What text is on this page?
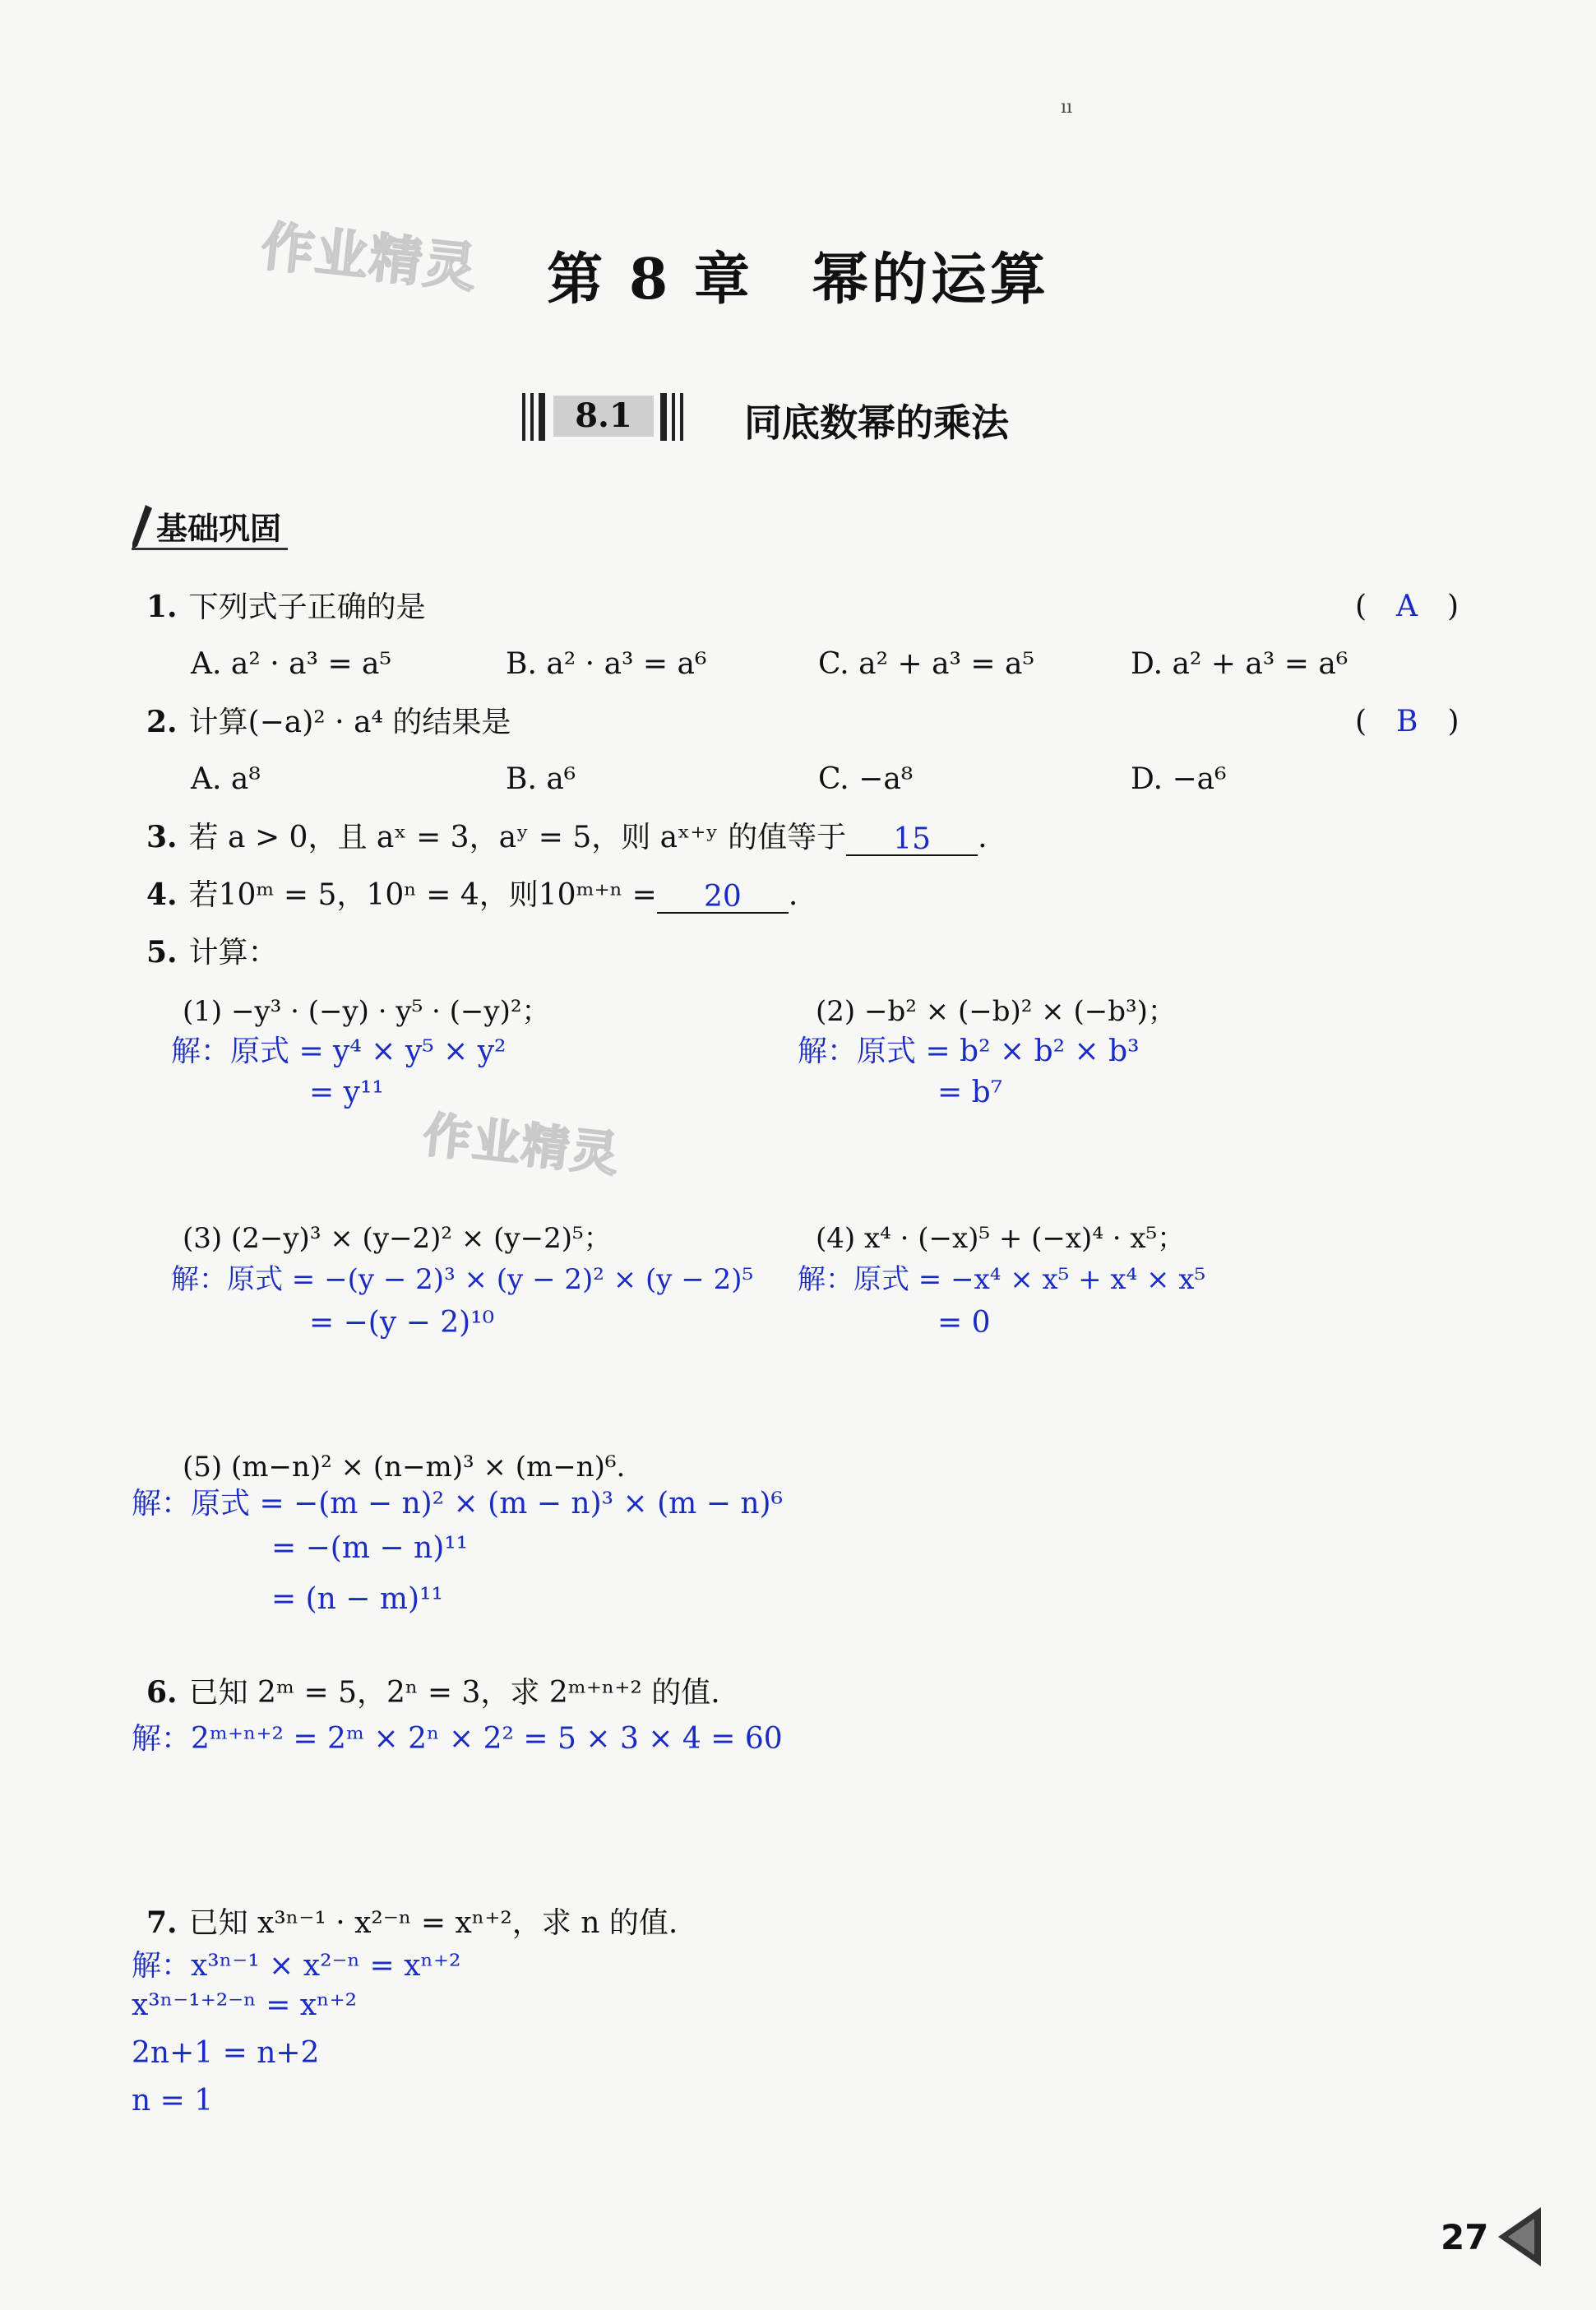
ıı
作业精灵
作业精灵
第 8 章　幂的运算
8.1	同底数幂的乘法
基础巩固
1. 下列式子正确的是	(　A　)
A. a² · a³ = a⁵	B. a² · a³ = a⁶	C. a² + a³ = a⁵	D. a² + a³ = a⁶
2. 计算(−a)² · a⁴ 的结果是	(　B　)
A. a⁸	B. a⁶	C. −a⁸	D. −a⁶
3. 若 a > 0，且 aˣ = 3，aʸ = 5，则 aˣ⁺ʸ 的值等于 15 .
4. 若10ᵐ = 5，10ⁿ = 4，则10ᵐ⁺ⁿ = 20 .
5. 计算：
(1) −y³ · (−y) · y⁵ · (−y)²；
解：原式 = y⁴ × y⁵ × y²
= y¹¹
(2) −b² × (−b)² × (−b³)；
解：原式 = b² × b² × b³
= b⁷
(3) (2−y)³ × (y−2)² × (y−2)⁵；
解：原式 = −(y − 2)³ × (y − 2)² × (y − 2)⁵
= −(y − 2)¹⁰
(4) x⁴ · (−x)⁵ + (−x)⁴ · x⁵；
解：原式 = −x⁴ × x⁵ + x⁴ × x⁵
= 0
(5) (m−n)² × (n−m)³ × (m−n)⁶.
解：原式 = −(m − n)² × (m − n)³ × (m − n)⁶
= −(m − n)¹¹
= (n − m)¹¹
6. 已知 2ᵐ = 5，2ⁿ = 3，求 2ᵐ⁺ⁿ⁺² 的值.
解：2ᵐ⁺ⁿ⁺² = 2ᵐ × 2ⁿ × 2² = 5 × 3 × 4 = 60
7. 已知 x³ⁿ⁻¹ · x²⁻ⁿ = xⁿ⁺²，求 n 的值.
解：x³ⁿ⁻¹ × x²⁻ⁿ = xⁿ⁺²
x³ⁿ⁻¹⁺²⁻ⁿ = xⁿ⁺²
2n+1 = n+2
n = 1
27
